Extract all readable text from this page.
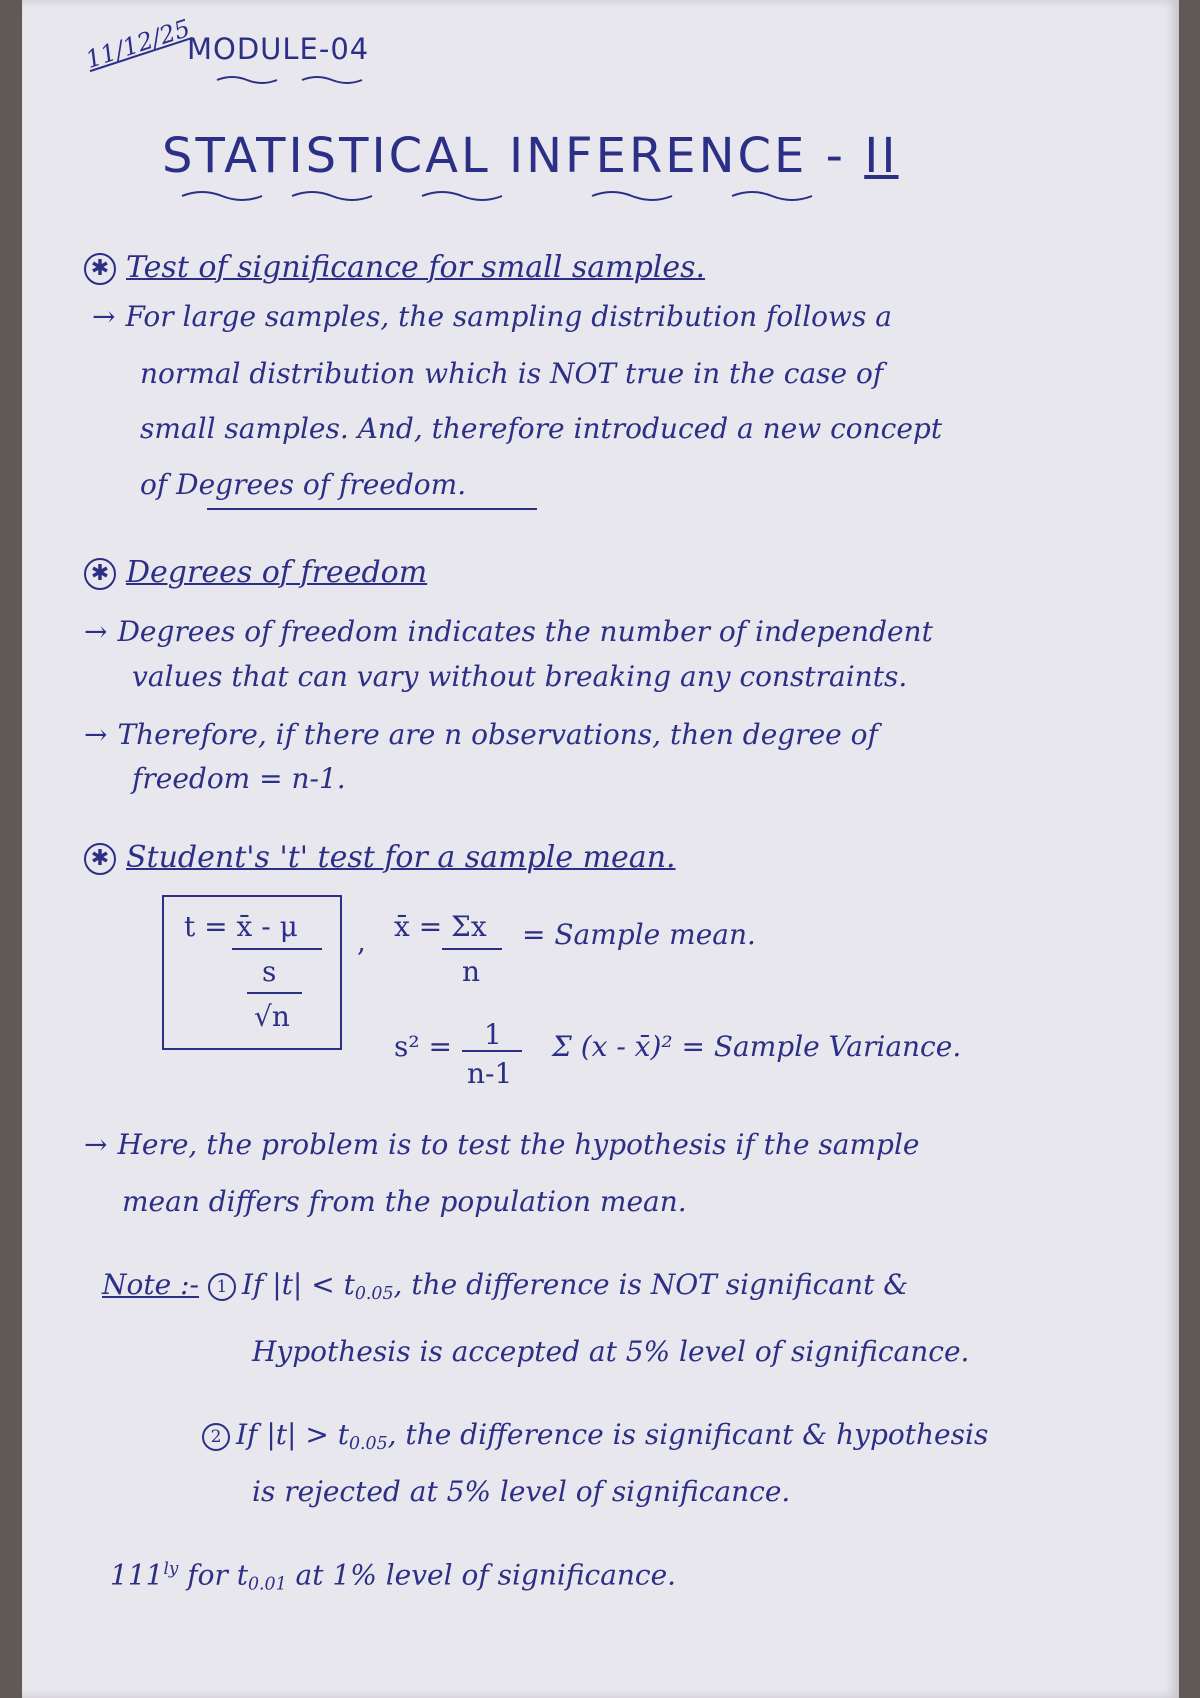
11/12/25
MODULE-04
STATISTICAL INFERENCE - II
✱ Test of significance for small samples.
→ For large samples, the sampling distribution follows a
normal distribution which is NOT true in the case of
small samples. And, therefore introduced a new concept
of Degrees of freedom.
✱ Degrees of freedom
→ Degrees of freedom indicates the number of independent
values that can vary without breaking any constraints.
→ Therefore, if there are n observations, then degree of
freedom = n-1.
✱ Student's 't' test for a sample mean.
t = x̄ - μ
s
√n
, x̄ = Σx
n
= Sample mean.
s² = 1
n-1
Σ (x - x̄)² = Sample Variance.
→ Here, the problem is to test the hypothesis if the sample
mean differs from the population mean.
Note :- 1 If $|t| < t_{0.05}$, the difference is NOT significant &
Hypothesis is accepted at 5% level of significance.
2 If $|t| > t_{0.05}$, the difference is significant & hypothesis
is rejected at 5% level of significance.
$111^{ly}$ for $t_{0.01}$ at 1% level of significance.
